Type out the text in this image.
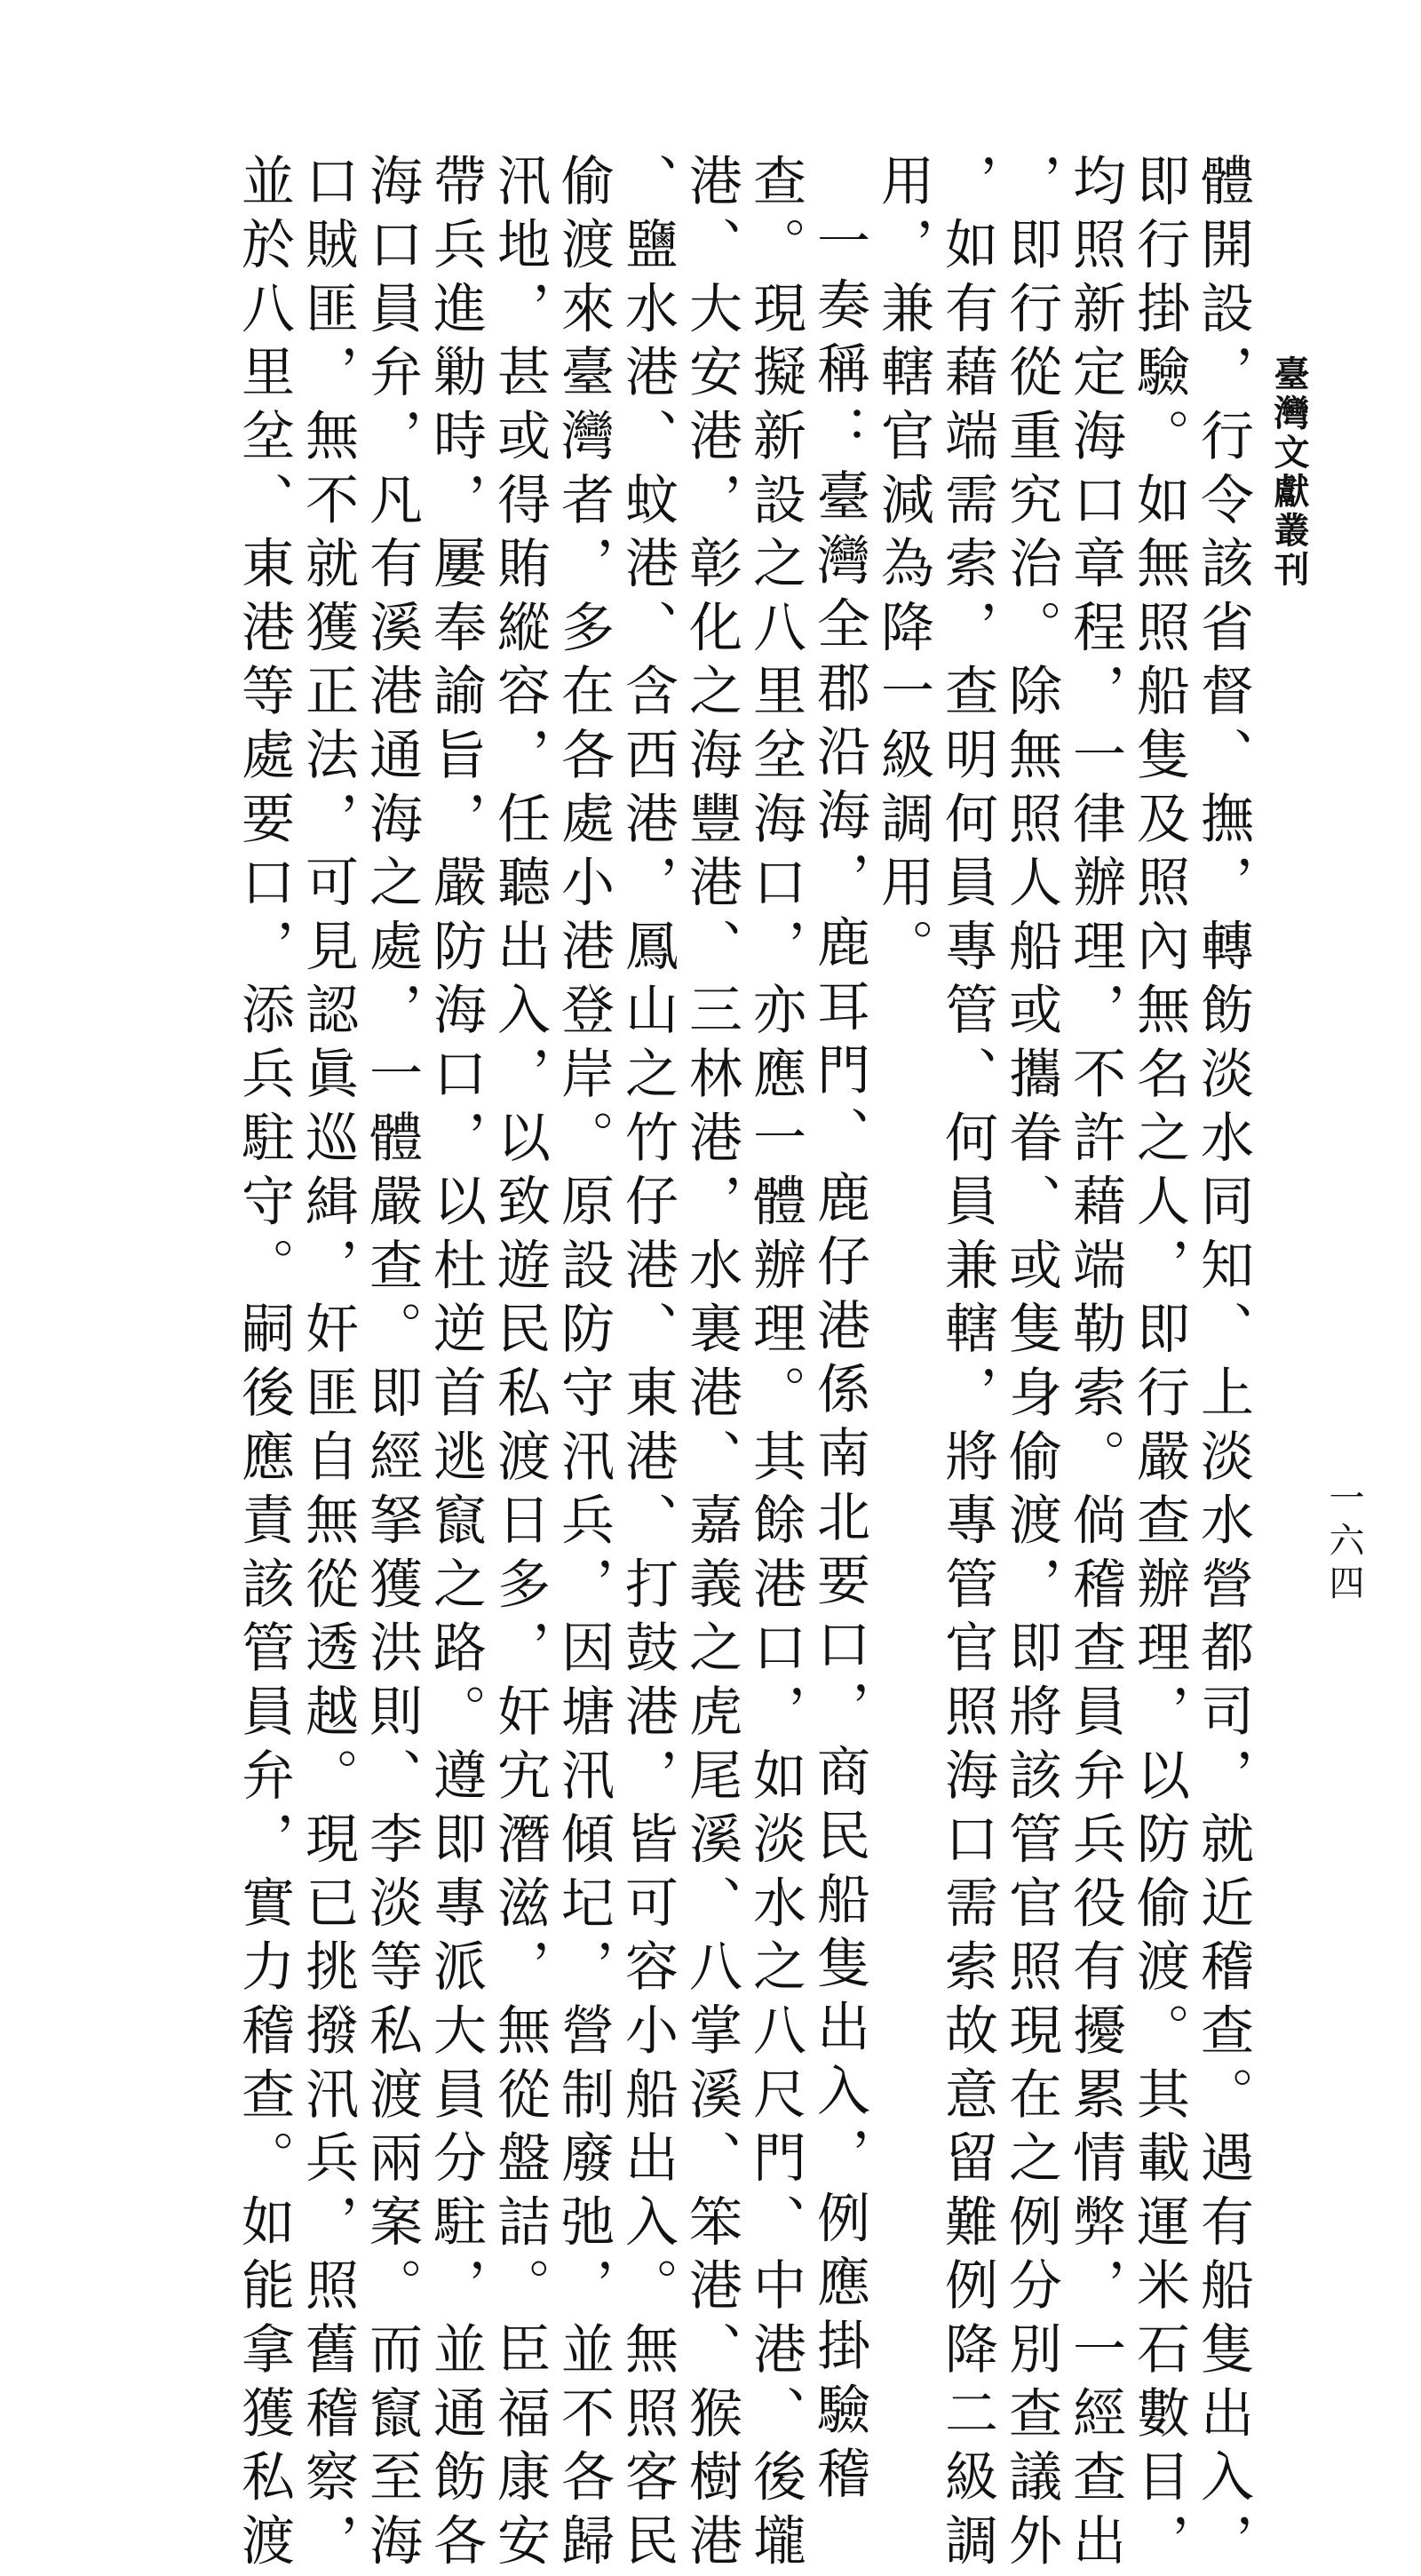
臺灣文獻叢刊
一六四
體開設，行令該省督、撫，轉飭淡水同知、上淡水營都司，就近稽查。遇有船隻出入，
即行掛驗。如無照船隻及照內無名之人，即行嚴查辦理，以防偷渡。其載運米石數目，
均照新定海口章程，一律辦理，不許藉端勒索。倘稽查員弁兵役有擾累情弊，一經查出
，即行從重究治。除無照人船或攜眷、或隻身偷渡，即將該管官照現在之例分別查議外
，如有藉端需索，查明何員專管、何員兼轄，將專管官照海口需索故意留難例降二級調
用，兼轄官減為降一級調用。
一奏稱：臺灣全郡沿海，鹿耳門、鹿仔港係南北要口，商民船隻出入，例應掛驗稽
查。現擬新設之八里坌海口，亦應一體辦理。其餘港口，如淡水之八尺門、中港、後壠
港、大安港，彰化之海豐港、三林港，水裏港、嘉義之虎尾溪、八掌溪、笨港、猴樹港
、鹽水港、蚊港、含西港，鳳山之竹仔港、東港、打鼓港，皆可容小船出入。無照客民
偷渡來臺灣者，多在各處小港登岸。原設防守汛兵，因塘汛傾圮，營制廢弛，並不各歸
汛地，甚或得賄縱容，任聽出入，以致遊民私渡日多，奸宄潛滋，無從盤詰。臣福康安
帶兵進勦時，屢奉諭旨，嚴防海口，以杜逆首逃竄之路。遵即專派大員分駐，並通飭各
海口員弁，凡有溪港通海之處，一體嚴查。即經拏獲洪則、李淡等私渡兩案。而竄至海
口賊匪，無不就獲正法，可見認眞巡緝，奸匪自無從透越。現已挑撥汛兵，照舊稽察，
並於八里坌、東港等處要口，添兵駐守。嗣後應責該管員弁，實力稽查。如能拿獲私渡
